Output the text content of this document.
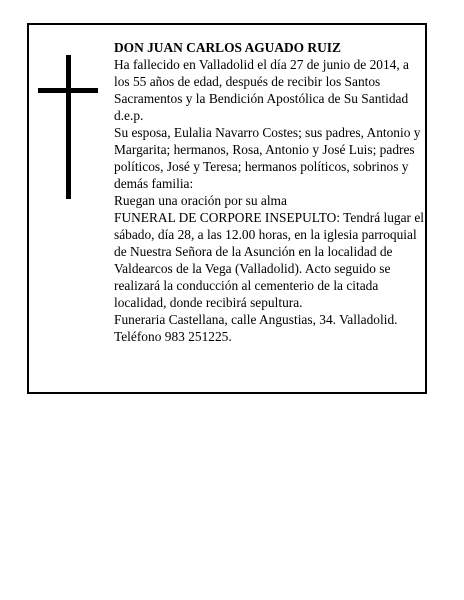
DON JUAN CARLOS AGUADO RUIZ

Ha fallecido en Valladolid el día 27 de junio de 2014, a los 55 años de edad, después de recibir los Santos Sacramentos y la Bendición Apostólica de Su Santidad

d.e.p.

Su esposa, Eulalia Navarro Costes; sus padres, Antonio y Margarita; hermanos, Rosa, Antonio y José Luis; padres políticos, José y Teresa; hermanos políticos, sobrinos y demás familia:

Ruegan una oración por su alma

FUNERAL DE CORPORE INSEPULTO: Tendrá lugar el sábado, día 28, a las 12.00 horas, en la iglesia parroquial de Nuestra Señora de la Asunción en la localidad de Valdearcos de la Vega (Valladolid). Acto seguido se realizará la conducción al cementerio de la citada localidad, donde recibirá sepultura.

Funeraria Castellana, calle Angustias, 34. Valladolid.

Teléfono 983 251225.
